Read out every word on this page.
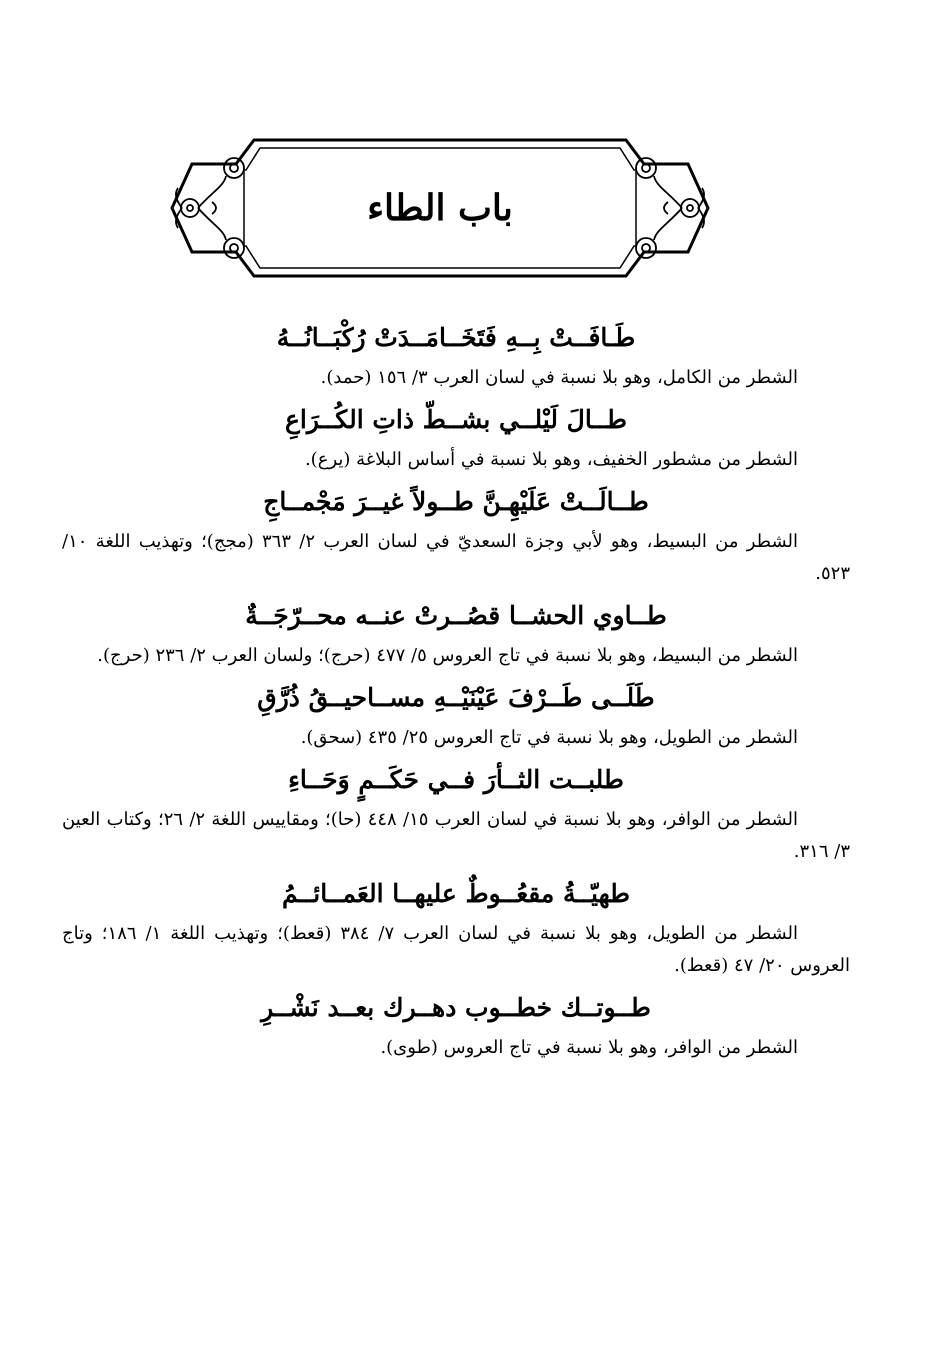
باب الطاء
طَـافَــتْ بِــهِ فَتَخَــامَــدَتْ رُكْبَــانُــهُ

الشطر من الكامل، وهو بلا نسبة في لسان العرب ٣/ ١٥٦ (حمد).

طــالَ لَيْلــي بشــطّ ذاتِ الكُــرَاعِ

الشطر من مشطور الخفيف، وهو بلا نسبة في أساس البلاغة (يرع).

طــالَــتْ عَلَيْهِـنَّ طــولاً غيــرَ مَجْمــاجِ

الشطر من البسيط، وهو لأبي وجزة السعديّ في لسان العرب ٢/ ٣٦٣ (مجج)؛ وتهذيب اللغة ١٠/ ٥٢٣.

طــاوي الحشــا قصُــرتْ عنــه محــرّجَــةٌ

الشطر من البسيط، وهو بلا نسبة في تاج العروس ٥/ ٤٧٧ (حرج)؛ ولسان العرب ٢/ ٢٣٦ (حرج).

طَلَــى طَــرْفَ عَيْنَيْــهِ مســاحيــقُ ذُرَّقِ

الشطر من الطويل، وهو بلا نسبة في تاج العروس ٢٥/ ٤٣٥ (سحق).

طلبــت الثــأرَ فــي حَكَــمٍ وَحَــاءِ

الشطر من الوافر، وهو بلا نسبة في لسان العرب ١٥/ ٤٤٨ (حا)؛ ومقاييس اللغة ٢/ ٢٦؛ وكتاب العين ٣/ ٣١٦.

طهيّــةُ مقعُــوطٌ عليهــا العَمــائــمُ

الشطر من الطويل، وهو بلا نسبة في لسان العرب ٧/ ٣٨٤ (قعط)؛ وتهذيب اللغة ١/ ١٨٦؛ وتاج العروس ٢٠/ ٤٧ (قعط).

طــوتــك خطــوب دهــرك بعــد نَشْــرِ

الشطر من الوافر، وهو بلا نسبة في تاج العروس (طوى).
